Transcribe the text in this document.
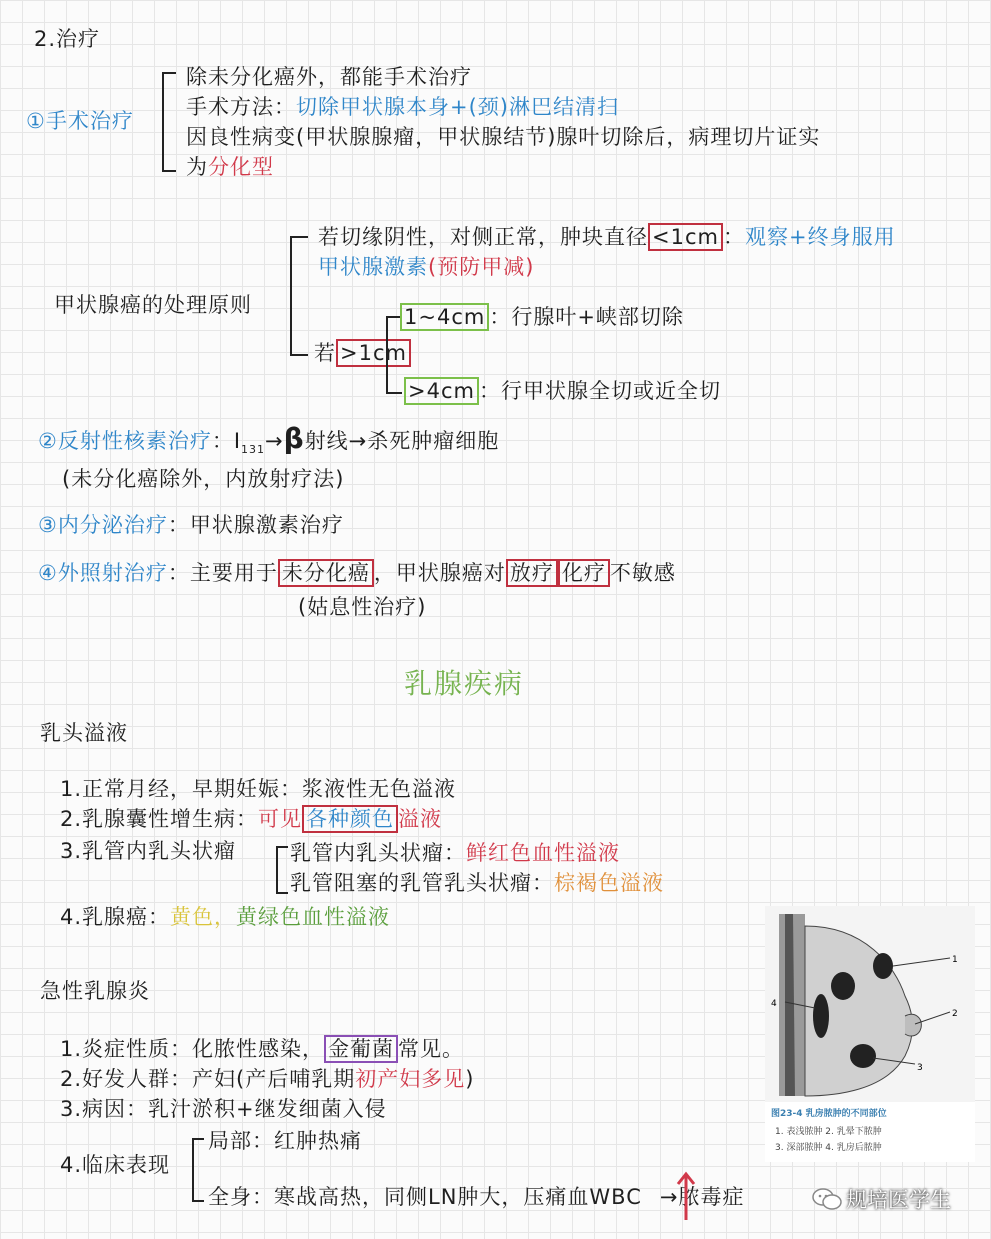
2.治疗
①手术治疗
除未分化癌外，都能手术治疗
手术方法：切除甲状腺本身+(颈)淋巴结清扫
因良性病变(甲状腺腺瘤，甲状腺结节)腺叶切除后，病理切片证实
为分化型
甲状腺癌的处理原则
若切缘阴性，对侧正常，肿块直径 <1cm ：观察+终身服用
甲状腺激素(预防甲减)
若 >1cm
1~4cm ：行腺叶+峡部切除
>4cm ：行甲状腺全切或近全切
②反射性核素治疗：$I_{131}\to\beta$射线→杀死肿瘤细胞
(未分化癌除外，内放射疗法)
③内分泌治疗：甲状腺激素治疗
④外照射治疗：主要用于 未分化癌 ，甲状腺癌对 放疗 化疗 不敏感
(姑息性治疗)
乳腺疾病
乳头溢液
1.正常月经，早期妊娠：浆液性无色溢液
2.乳腺囊性增生病：可见 各种颜色 溢液
3.乳管内乳头状瘤	乳管内乳头状瘤：鲜红色血性溢液
乳管阻塞的乳管乳头状瘤：棕褐色溢液
4.乳腺癌：黄色，黄绿色血性溢液
急性乳腺炎
1.炎症性质：化脓性感染， 金葡菌 常见。
2.好发人群：产妇(产后哺乳期初产妇多见)
3.病因：乳汁淤积+继发细菌入侵
4.临床表现
局部：红肿热痛
全身：寒战高热，同侧LN肿大，压痛血WBC →脓毒症
1
2
3
4
图23-4 乳房脓肿的不同部位
1. 表浅脓肿 2. 乳晕下脓肿
3. 深部脓肿 4. 乳房后脓肿
规培医学生
